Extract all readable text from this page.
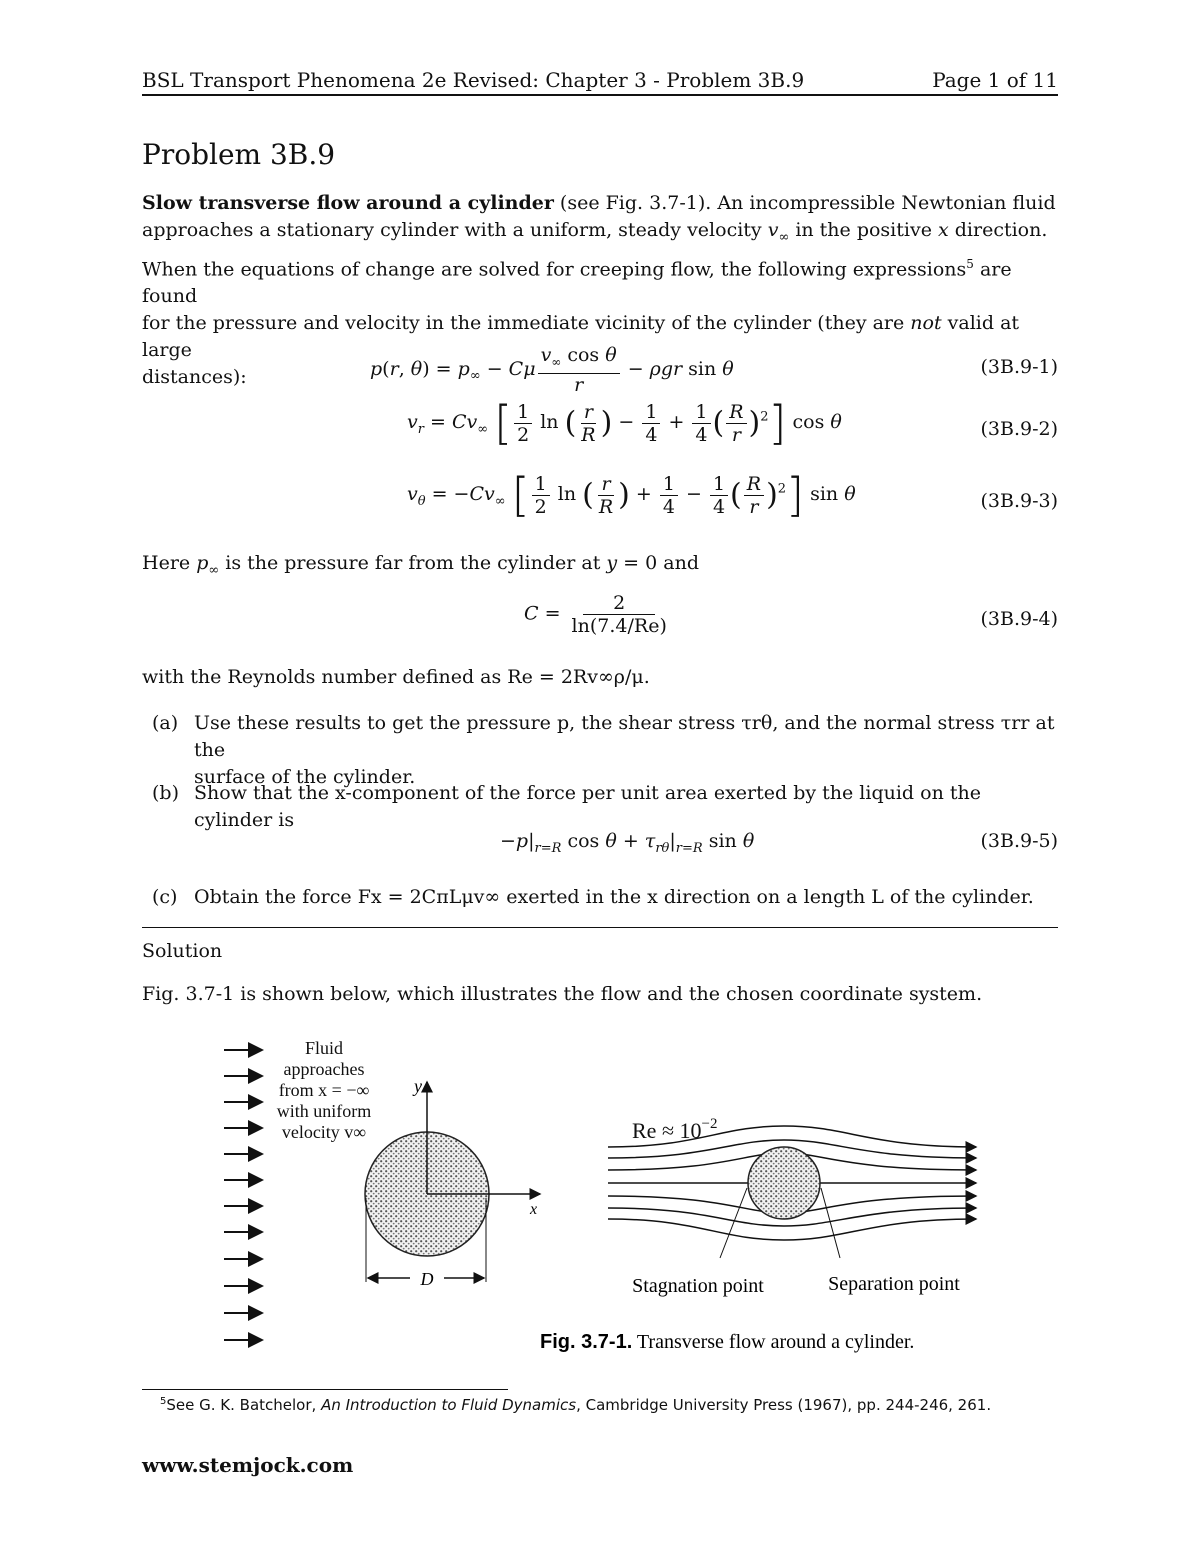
BSL Transport Phenomena 2e Revised: Chapter 3 - Problem 3B.9	Page 1 of 11
Problem 3B.9
Slow transverse flow around a cylinder (see Fig. 3.7-1). An incompressible Newtonian fluid
approaches a stationary cylinder with a uniform, steady velocity $v_\infty$ in the positive x direction.
When the equations of change are solved for creeping flow, the following expressions$^5$ are found
for the pressure and velocity in the immediate vicinity of the cylinder (they are not valid at large
distances):	p(r, $\theta) = p_\infty - C\mu \frac{v_\infty \cos \theta}{r} - \rho gr$ sin θ	(3B.9-1)
$v_r = Cv_\infty$ [ $\frac{1}{2}$ ln ( $\frac{r}{R}$ ) − $\frac{1}{4} + \frac{1}{4}$ ( $\frac{R}{r} )^2$] cos θ	(3B.9-2)
$v_\theta = -Cv_\infty$ [ $\frac{1}{2}$ ln ( $\frac{r}{R}$ ) + $\frac{1}{4} - \frac{1}{4}$ ( $\frac{R}{r} )^2$] sin θ	(3B.9-3)
Here $p_\infty$ is the pressure far from the cylinder at y = 0 and
$C = \frac{2}{\ln(7.4/Re)}$	(3B.9-4)
with the Reynolds number defined as Re = 2Rv∞ρ/μ.
(a) Use these results to get the pressure p, the shear stress τrθ, and the normal stress τrr at the
surface of the cylinder.
(b) Show that the x-component of the force per unit area exerted by the liquid on the cylinder is
$-p|_{r=R}$ $\cos \theta + \tau_{r\theta}|_{r=R}$ sin θ	(3B.9-5)
(c) Obtain the force Fx = 2CπLμv∞ exerted in the x direction on a length L of the cylinder.
Solution
Fig. 3.7-1 is shown below, which illustrates the flow and the chosen coordinate system.
Fluid
approaches
from x = −∞
with uniform
velocity v∞
y
x
D
$Re \approx 10^{-2}$
Stagnation point	Separation point
Fig. 3.7-1. Transverse flow around a cylinder.
$^5$See G. K. Batchelor, An Introduction to Fluid Dynamics, Cambridge University Press (1967), pp. 244-246, 261.
www.stemjock.com
